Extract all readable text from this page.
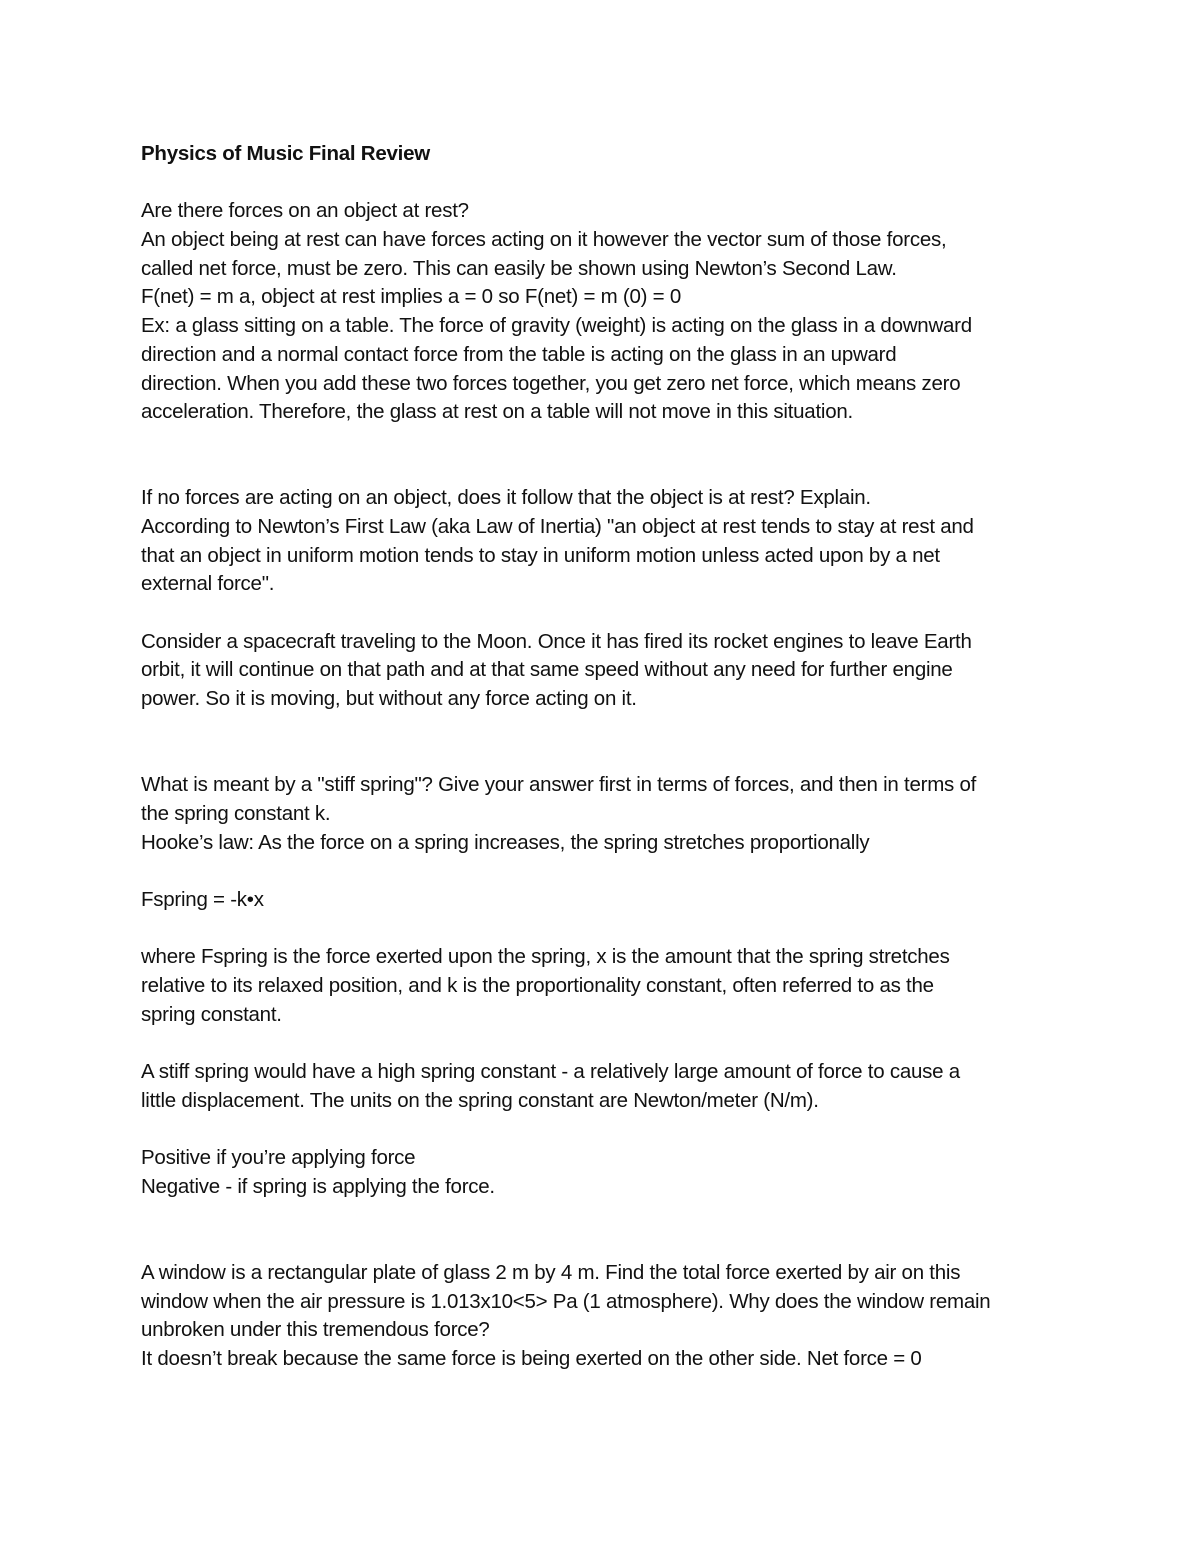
Physics of Music Final Review
Are there forces on an object at rest?
An object being at rest can have forces acting on it however the vector sum of those forces,
called net force, must be zero. This can easily be shown using Newton’s Second Law.
F(net) = m a, object at rest implies a = 0 so F(net) = m (0) = 0
Ex: a glass sitting on a table. The force of gravity (weight) is acting on the glass in a downward
direction and a normal contact force from the table is acting on the glass in an upward
direction. When you add these two forces together, you get zero net force, which means zero
acceleration. Therefore, the glass at rest on a table will not move in this situation.
If no forces are acting on an object, does it follow that the object is at rest? Explain.
According to Newton’s First Law (aka Law of Inertia) "an object at rest tends to stay at rest and
that an object in uniform motion tends to stay in uniform motion unless acted upon by a net
external force".
Consider a spacecraft traveling to the Moon. Once it has fired its rocket engines to leave Earth
orbit, it will continue on that path and at that same speed without any need for further engine
power. So it is moving, but without any force acting on it.
What is meant by a "stiff spring"? Give your answer first in terms of forces, and then in terms of
the spring constant k.
Hooke’s law: As the force on a spring increases, the spring stretches proportionally
Fspring = -k•x
where Fspring is the force exerted upon the spring, x is the amount that the spring stretches
relative to its relaxed position, and k is the proportionality constant, often referred to as the
spring constant.
A stiff spring would have a high spring constant - a relatively large amount of force to cause a
little displacement. The units on the spring constant are Newton/meter (N/m).
Positive if you’re applying force
Negative - if spring is applying the force.
A window is a rectangular plate of glass 2 m by 4 m. Find the total force exerted by air on this
window when the air pressure is 1.013x10<5> Pa (1 atmosphere). Why does the window remain
unbroken under this tremendous force?
It doesn’t break because the same force is being exerted on the other side. Net force = 0
